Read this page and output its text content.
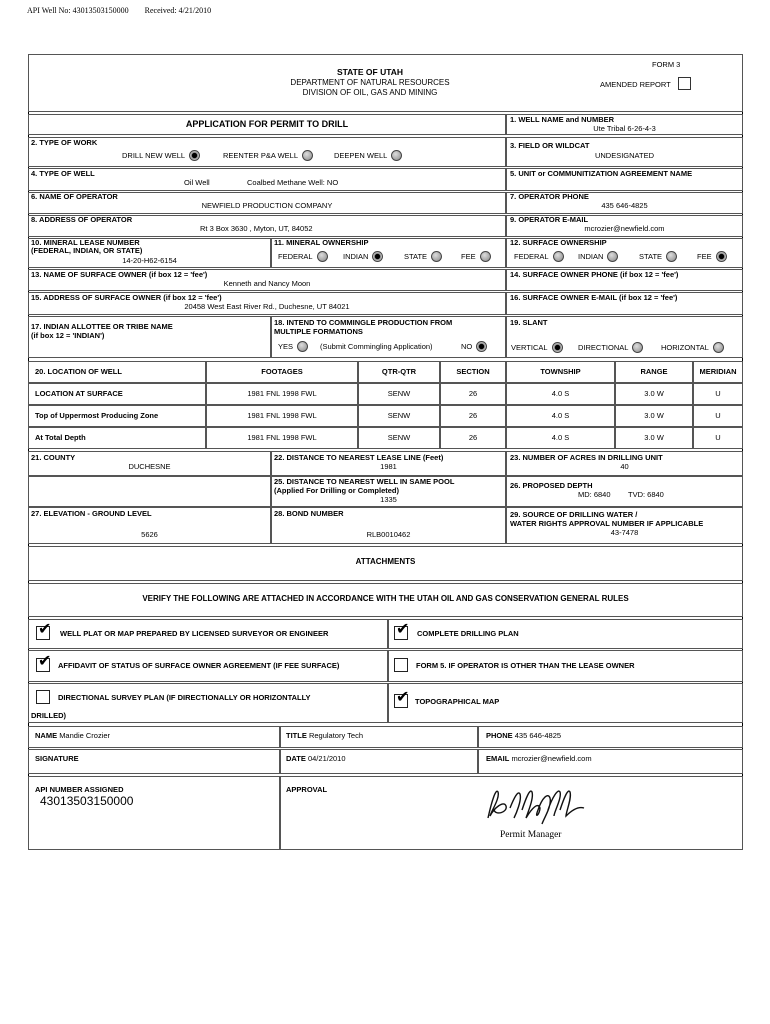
API Well No: 43013503150000 Received: 4/21/2010
FORM 3
STATE OF UTAH
DEPARTMENT OF NATURAL RESOURCES
DIVISION OF OIL, GAS AND MINING
AMENDED REPORT
APPLICATION FOR PERMIT TO DRILL	1. WELL NAME and NUMBER
Ute Tribal 6-26-4-3
2. TYPE OF WORK
DRILL NEW WELL	REENTER P&A WELL	DEEPEN WELL
3. FIELD OR WILDCAT
UNDESIGNATED
4. TYPE OF WELL
Oil Well	Coalbed Methane Well: NO
5. UNIT or COMMUNITIZATION AGREEMENT NAME
6. NAME OF OPERATOR
NEWFIELD PRODUCTION COMPANY
7. OPERATOR PHONE
435 646-4825
8. ADDRESS OF OPERATOR
Rt 3 Box 3630 , Myton, UT, 84052
9. OPERATOR E-MAIL
mcrozier@newfield.com
10. MINERAL LEASE NUMBER
(FEDERAL, INDIAN, OR STATE)
14-20-H62-6154
11. MINERAL OWNERSHIP
FEDERAL	INDIAN	STATE	FEE
12. SURFACE OWNERSHIP
FEDERAL	INDIAN	STATE	FEE
13. NAME OF SURFACE OWNER (if box 12 = 'fee')
Kenneth and Nancy Moon
14. SURFACE OWNER PHONE (if box 12 = 'fee')
15. ADDRESS OF SURFACE OWNER (if box 12 = 'fee')
20458 West East River Rd., Duchesne, UT 84021
16. SURFACE OWNER E-MAIL (if box 12 = 'fee')
17. INDIAN ALLOTTEE OR TRIBE NAME
(if box 12 = 'INDIAN')
18. INTEND TO COMMINGLE PRODUCTION FROM
MULTIPLE FORMATIONS
YES	(Submit Commingling Application)	NO
19. SLANT
VERTICAL	DIRECTIONAL	HORIZONTAL
20. LOCATION OF WELL	FOOTAGES	QTR-QTR	SECTION	TOWNSHIP	RANGE	MERIDIAN
LOCATION AT SURFACE	1981 FNL 1998 FWL	SENW	26	4.0 S	3.0 W	U
Top of Uppermost Producing Zone	1981 FNL 1998 FWL	SENW	26	4.0 S	3.0 W	U
At Total Depth	1981 FNL 1998 FWL	SENW	26	4.0 S	3.0 W	U
21. COUNTY
DUCHESNE
22. DISTANCE TO NEAREST LEASE LINE (Feet)
1981
23. NUMBER OF ACRES IN DRILLING UNIT
40
25. DISTANCE TO NEAREST WELL IN SAME POOL
(Applied For Drilling or Completed)
1335
26. PROPOSED DEPTH
MD: 6840 TVD: 6840
27. ELEVATION - GROUND LEVEL
5626
28. BOND NUMBER
RLB0010462
29. SOURCE OF DRILLING WATER /
WATER RIGHTS APPROVAL NUMBER IF APPLICABLE
43-7478
ATTACHMENTS
VERIFY THE FOLLOWING ARE ATTACHED IN ACCORDANCE WITH THE UTAH OIL AND GAS CONSERVATION GENERAL RULES
✔ WELL PLAT OR MAP PREPARED BY LICENSED SURVEYOR OR ENGINEER	✔ COMPLETE DRILLING PLAN
✔ AFFIDAVIT OF STATUS OF SURFACE OWNER AGREEMENT (IF FEE SURFACE)	FORM 5. IF OPERATOR IS OTHER THAN THE LEASE OWNER
DIRECTIONAL SURVEY PLAN (IF DIRECTIONALLY OR HORIZONTALLY
DRILLED)
✔ TOPOGRAPHICAL MAP
NAME Mandie Crozier	TITLE Regulatory Tech	PHONE 435 646-4825
SIGNATURE	DATE 04/21/2010	EMAIL mcrozier@newfield.com
API NUMBER ASSIGNED
43013503150000
APPROVAL
Permit Manager
